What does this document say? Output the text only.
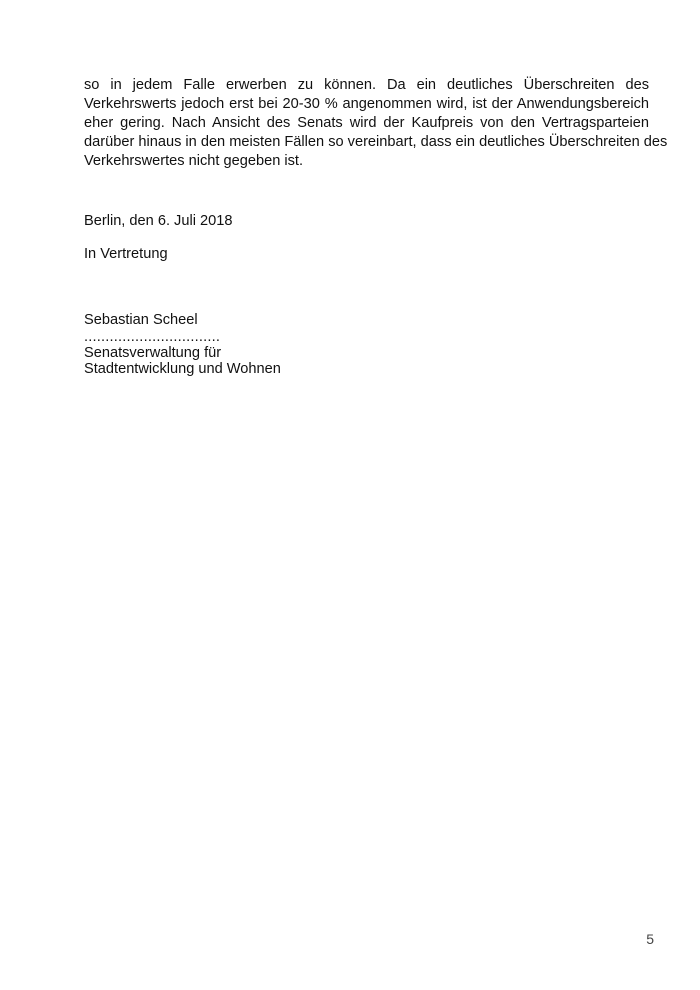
so in jedem Falle erwerben zu können. Da ein deutliches Überschreiten des
Verkehrswerts jedoch erst bei 20-30 % angenommen wird, ist der Anwendungsbereich
eher gering. Nach Ansicht des Senats wird der Kaufpreis von den Vertragsparteien
darüber hinaus in den meisten Fällen so vereinbart, dass ein deutliches Überschreiten des
Verkehrswertes nicht gegeben ist.

Berlin, den 6. Juli 2018

In Vertretung

Sebastian Scheel

................................

Senatsverwaltung für

Stadtentwicklung und Wohnen

5
